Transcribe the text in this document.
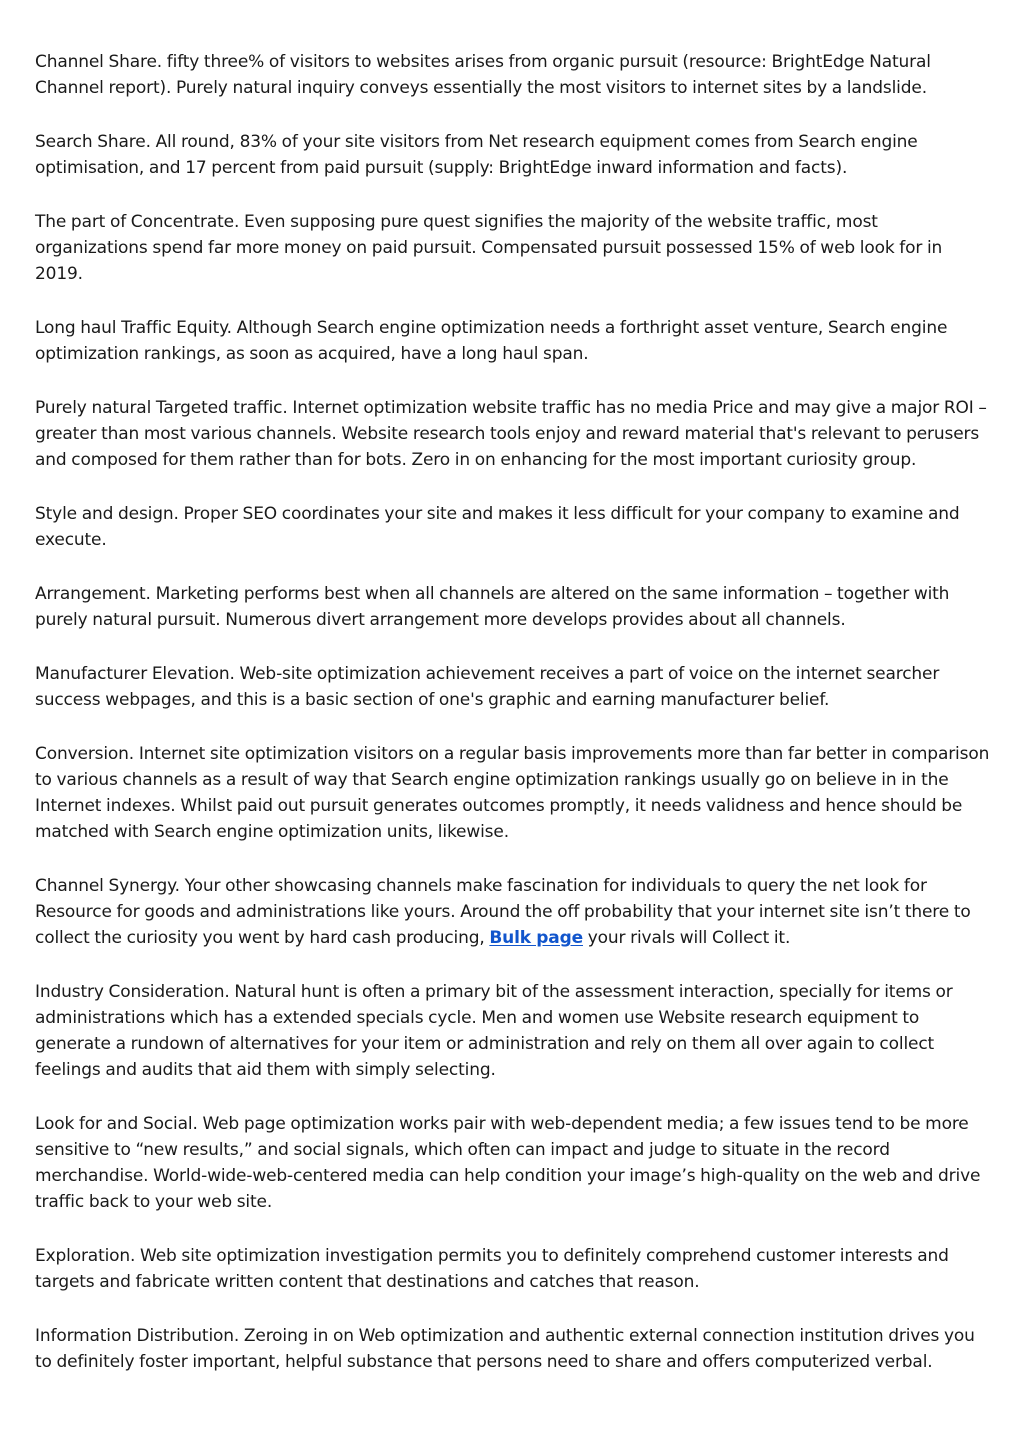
Channel Share. fifty three% of visitors to websites arises from organic pursuit (resource: BrightEdge Natural Channel report). Purely natural inquiry conveys essentially the most visitors to internet sites by a landslide.

Search Share. All round, 83% of your site visitors from Net research equipment comes from Search engine optimisation, and 17 percent from paid pursuit (supply: BrightEdge inward information and facts).

The part of Concentrate. Even supposing pure quest signifies the majority of the website traffic, most organizations spend far more money on paid pursuit. Compensated pursuit possessed 15% of web look for in 2019.

Long haul Traffic Equity. Although Search engine optimization needs a forthright asset venture, Search engine optimization rankings, as soon as acquired, have a long haul span.

Purely natural Targeted traffic. Internet optimization website traffic has no media Price and may give a major ROI – greater than most various channels. Website research tools enjoy and reward material that's relevant to perusers and composed for them rather than for bots. Zero in on enhancing for the most important curiosity group.

Style and design. Proper SEO coordinates your site and makes it less difficult for your company to examine and execute.

Arrangement. Marketing performs best when all channels are altered on the same information – together with purely natural pursuit. Numerous divert arrangement more develops provides about all channels.

Manufacturer Elevation. Web-site optimization achievement receives a part of voice on the internet searcher success webpages, and this is a basic section of one's graphic and earning manufacturer belief.

Conversion. Internet site optimization visitors on a regular basis improvements more than far better in comparison to various channels as a result of way that Search engine optimization rankings usually go on believe in in the Internet indexes. Whilst paid out pursuit generates outcomes promptly, it needs validness and hence should be matched with Search engine optimization units, likewise.

Channel Synergy. Your other showcasing channels make fascination for individuals to query the net look for Resource for goods and administrations like yours. Around the off probability that your internet site isn’t there to collect the curiosity you went by hard cash producing, Bulk page your rivals will Collect it.

Industry Consideration. Natural hunt is often a primary bit of the assessment interaction, specially for items or administrations which has a extended specials cycle. Men and women use Website research equipment to generate a rundown of alternatives for your item or administration and rely on them all over again to collect feelings and audits that aid them with simply selecting.

Look for and Social. Web page optimization works pair with web-dependent media; a few issues tend to be more sensitive to “new results,” and social signals, which often can impact and judge to situate in the record merchandise. World-wide-web-centered media can help condition your image’s high-quality on the web and drive traffic back to your web site.

Exploration. Web site optimization investigation permits you to definitely comprehend customer interests and targets and fabricate written content that destinations and catches that reason.

Information Distribution. Zeroing in on Web optimization and authentic external connection institution drives you to definitely foster important, helpful substance that persons need to share and offers computerized verbal.
